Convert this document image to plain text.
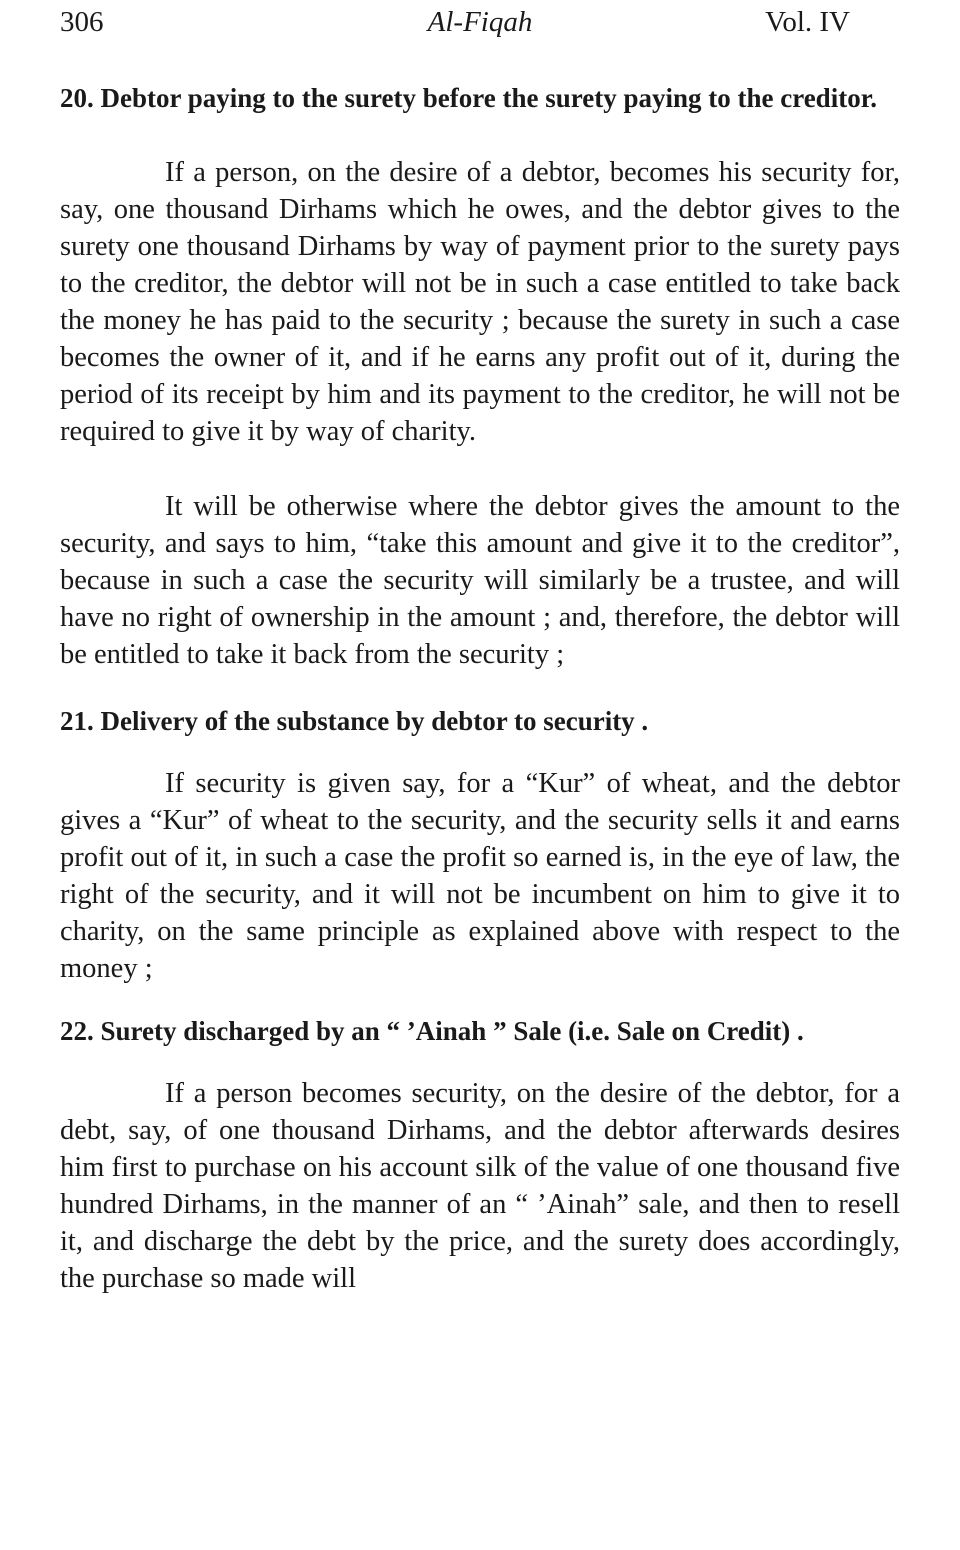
306	Al-Fiqah	Vol. IV

20. Debtor paying to the surety before the surety paying to the creditor.

If a person, on the desire of a debtor, becomes his security for, say, one thousand Dirhams which he owes, and the debtor gives to the surety one thousand Dirhams by way of payment prior to the surety pays to the creditor, the debtor will not be in such a case entitled to take back the money he has paid to the security ; because the surety in such a case becomes the owner of it, and if he earns any profit out of it, during the period of its receipt by him and its payment to the creditor, he will not be required to give it by way of charity.

It will be otherwise where the debtor gives the amount to the security, and says to him, “take this amount and give it to the creditor”, because in such a case the security will similarly be a trustee, and will have no right of ownership in the amount ; and, therefore, the debtor will be entitled to take it back from the security ;

21. Delivery of the substance by debtor to security .

If security is given say, for a “Kur” of wheat, and the debtor gives a “Kur” of wheat to the security, and the security sells it and earns profit out of it, in such a case the profit so earned is, in the eye of law, the right of the security, and it will not be incumbent on him to give it to charity, on the same principle as explained above with respect to the money ;

22. Surety discharged by an “ ’Ainah ” Sale (i.e. Sale on Credit) .

If a person becomes security, on the desire of the debtor, for a debt, say, of one thousand Dirhams, and the debtor afterwards desires him first to purchase on his account silk of the value of one thousand five hundred Dirhams, in the manner of an “ ’Ainah” sale, and then to resell it, and discharge the debt by the price, and the surety does accordingly, the purchase so made will
